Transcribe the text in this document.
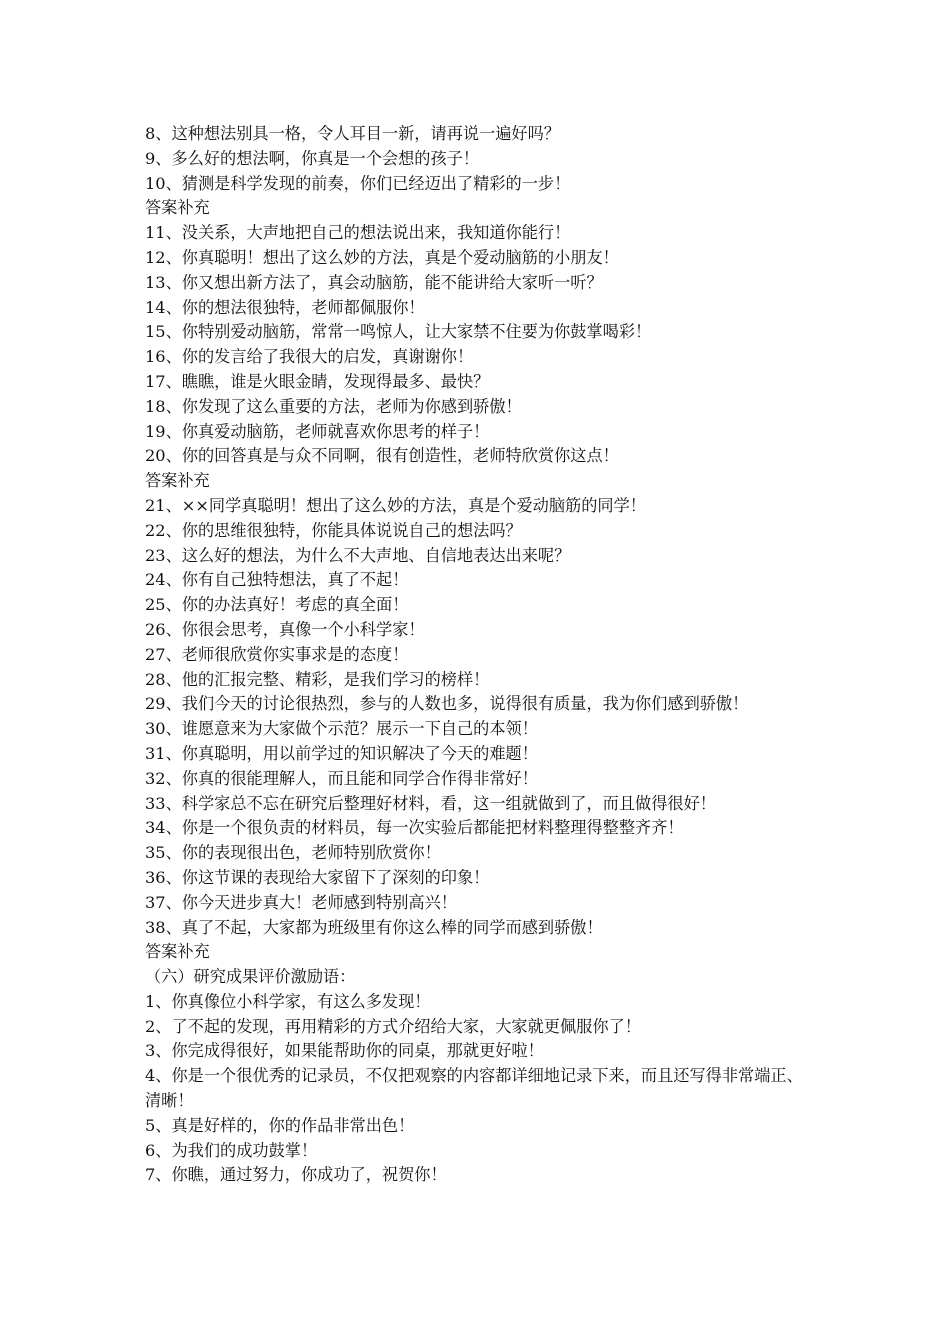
8、这种想法别具一格，令人耳目一新，请再说一遍好吗？

9、多么好的想法啊，你真是一个会想的孩子！

10、猜测是科学发现的前奏，你们已经迈出了精彩的一步！

答案补充

11、没关系，大声地把自己的想法说出来，我知道你能行！

12、你真聪明！想出了这么妙的方法，真是个爱动脑筋的小朋友！

13、你又想出新方法了，真会动脑筋，能不能讲给大家听一听？

14、你的想法很独特，老师都佩服你！

15、你特别爱动脑筋，常常一鸣惊人，让大家禁不住要为你鼓掌喝彩！

16、你的发言给了我很大的启发，真谢谢你！

17、瞧瞧，谁是火眼金睛，发现得最多、最快？

18、你发现了这么重要的方法，老师为你感到骄傲！

19、你真爱动脑筋，老师就喜欢你思考的样子！

20、你的回答真是与众不同啊，很有创造性，老师特欣赏你这点！

答案补充

21、××同学真聪明！想出了这么妙的方法，真是个爱动脑筋的同学！

22、你的思维很独特，你能具体说说自己的想法吗？

23、这么好的想法，为什么不大声地、自信地表达出来呢？

24、你有自己独特想法，真了不起！

25、你的办法真好！考虑的真全面！

26、你很会思考，真像一个小科学家！

27、老师很欣赏你实事求是的态度！

28、他的汇报完整、精彩，是我们学习的榜样！

29、我们今天的讨论很热烈，参与的人数也多，说得很有质量，我为你们感到骄傲！

30、谁愿意来为大家做个示范？展示一下自己的本领！

31、你真聪明，用以前学过的知识解决了今天的难题！

32、你真的很能理解人，而且能和同学合作得非常好！

33、科学家总不忘在研究后整理好材料，看，这一组就做到了，而且做得很好！

34、你是一个很负责的材料员，每一次实验后都能把材料整理得整整齐齐！

35、你的表现很出色，老师特别欣赏你！

36、你这节课的表现给大家留下了深刻的印象！

37、你今天进步真大！老师感到特别高兴！

38、真了不起，大家都为班级里有你这么棒的同学而感到骄傲！

答案补充

（六）研究成果评价激励语：

1、你真像位小科学家，有这么多发现！

2、了不起的发现，再用精彩的方式介绍给大家，大家就更佩服你了！

3、你完成得很好，如果能帮助你的同桌，那就更好啦！

4、你是一个很优秀的记录员，不仅把观察的内容都详细地记录下来，而且还写得非常端正、清晰！

5、真是好样的，你的作品非常出色！

6、为我们的成功鼓掌！

7、你瞧，通过努力，你成功了，祝贺你！
